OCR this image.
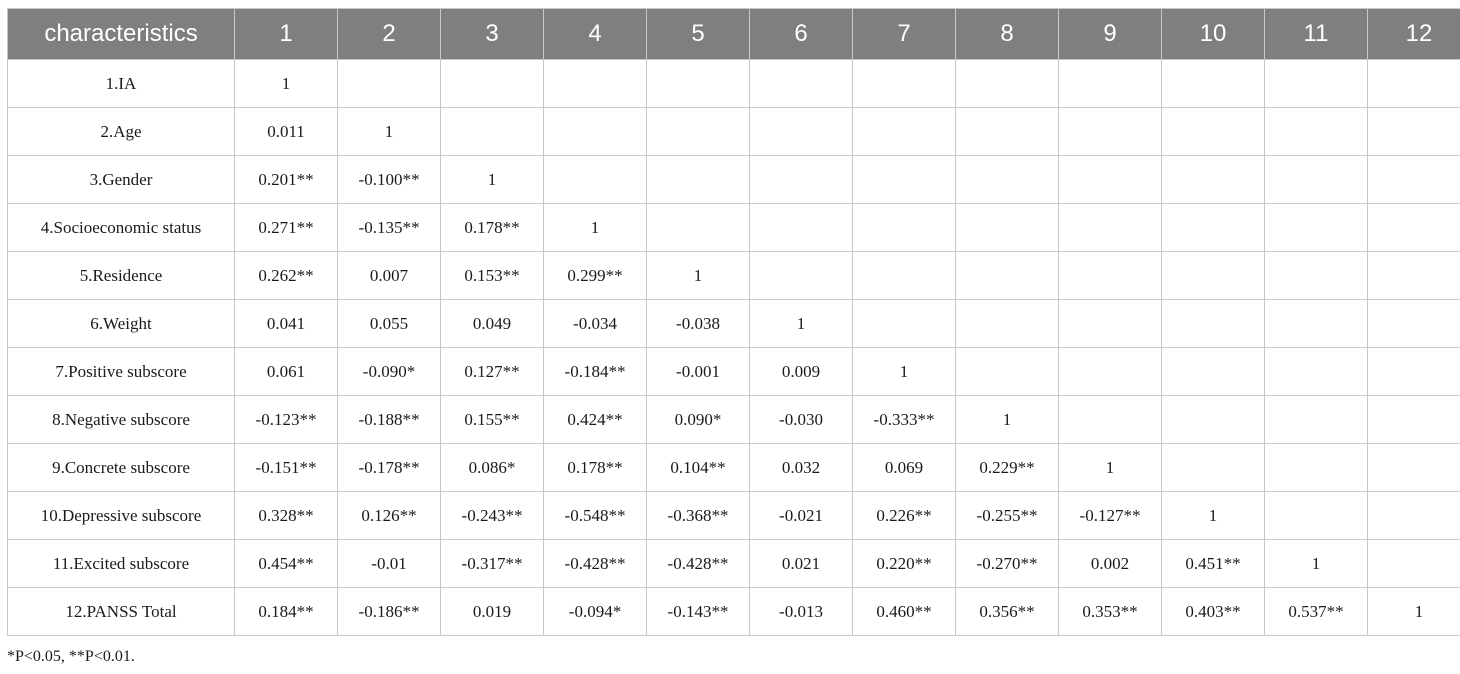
characteristics	1	2	3	4	5	6	7	8	9	10	11	12
1.IA	1											
2.Age	0.011	1										
3.Gender	0.201**	-0.100**	1									
4.Socioeconomic status	0.271**	-0.135**	0.178**	1								
5.Residence	0.262**	0.007	0.153**	0.299**	1							
6.Weight	0.041	0.055	0.049	-0.034	-0.038	1						
7.Positive subscore	0.061	-0.090*	0.127**	-0.184**	-0.001	0.009	1					
8.Negative subscore	-0.123**	-0.188**	0.155**	0.424**	0.090*	-0.030	-0.333**	1				
9.Concrete subscore	-0.151**	-0.178**	0.086*	0.178**	0.104**	0.032	0.069	0.229**	1			
10.Depressive subscore	0.328**	0.126**	-0.243**	-0.548**	-0.368**	-0.021	0.226**	-0.255**	-0.127**	1		
11.Excited subscore	0.454**	-0.01	-0.317**	-0.428**	-0.428**	0.021	0.220**	-0.270**	0.002	0.451**	1	
12.PANSS Total	0.184**	-0.186**	0.019	-0.094*	-0.143**	-0.013	0.460**	0.356**	0.353**	0.403**	0.537**	1
*P<0.05, **P<0.01.
